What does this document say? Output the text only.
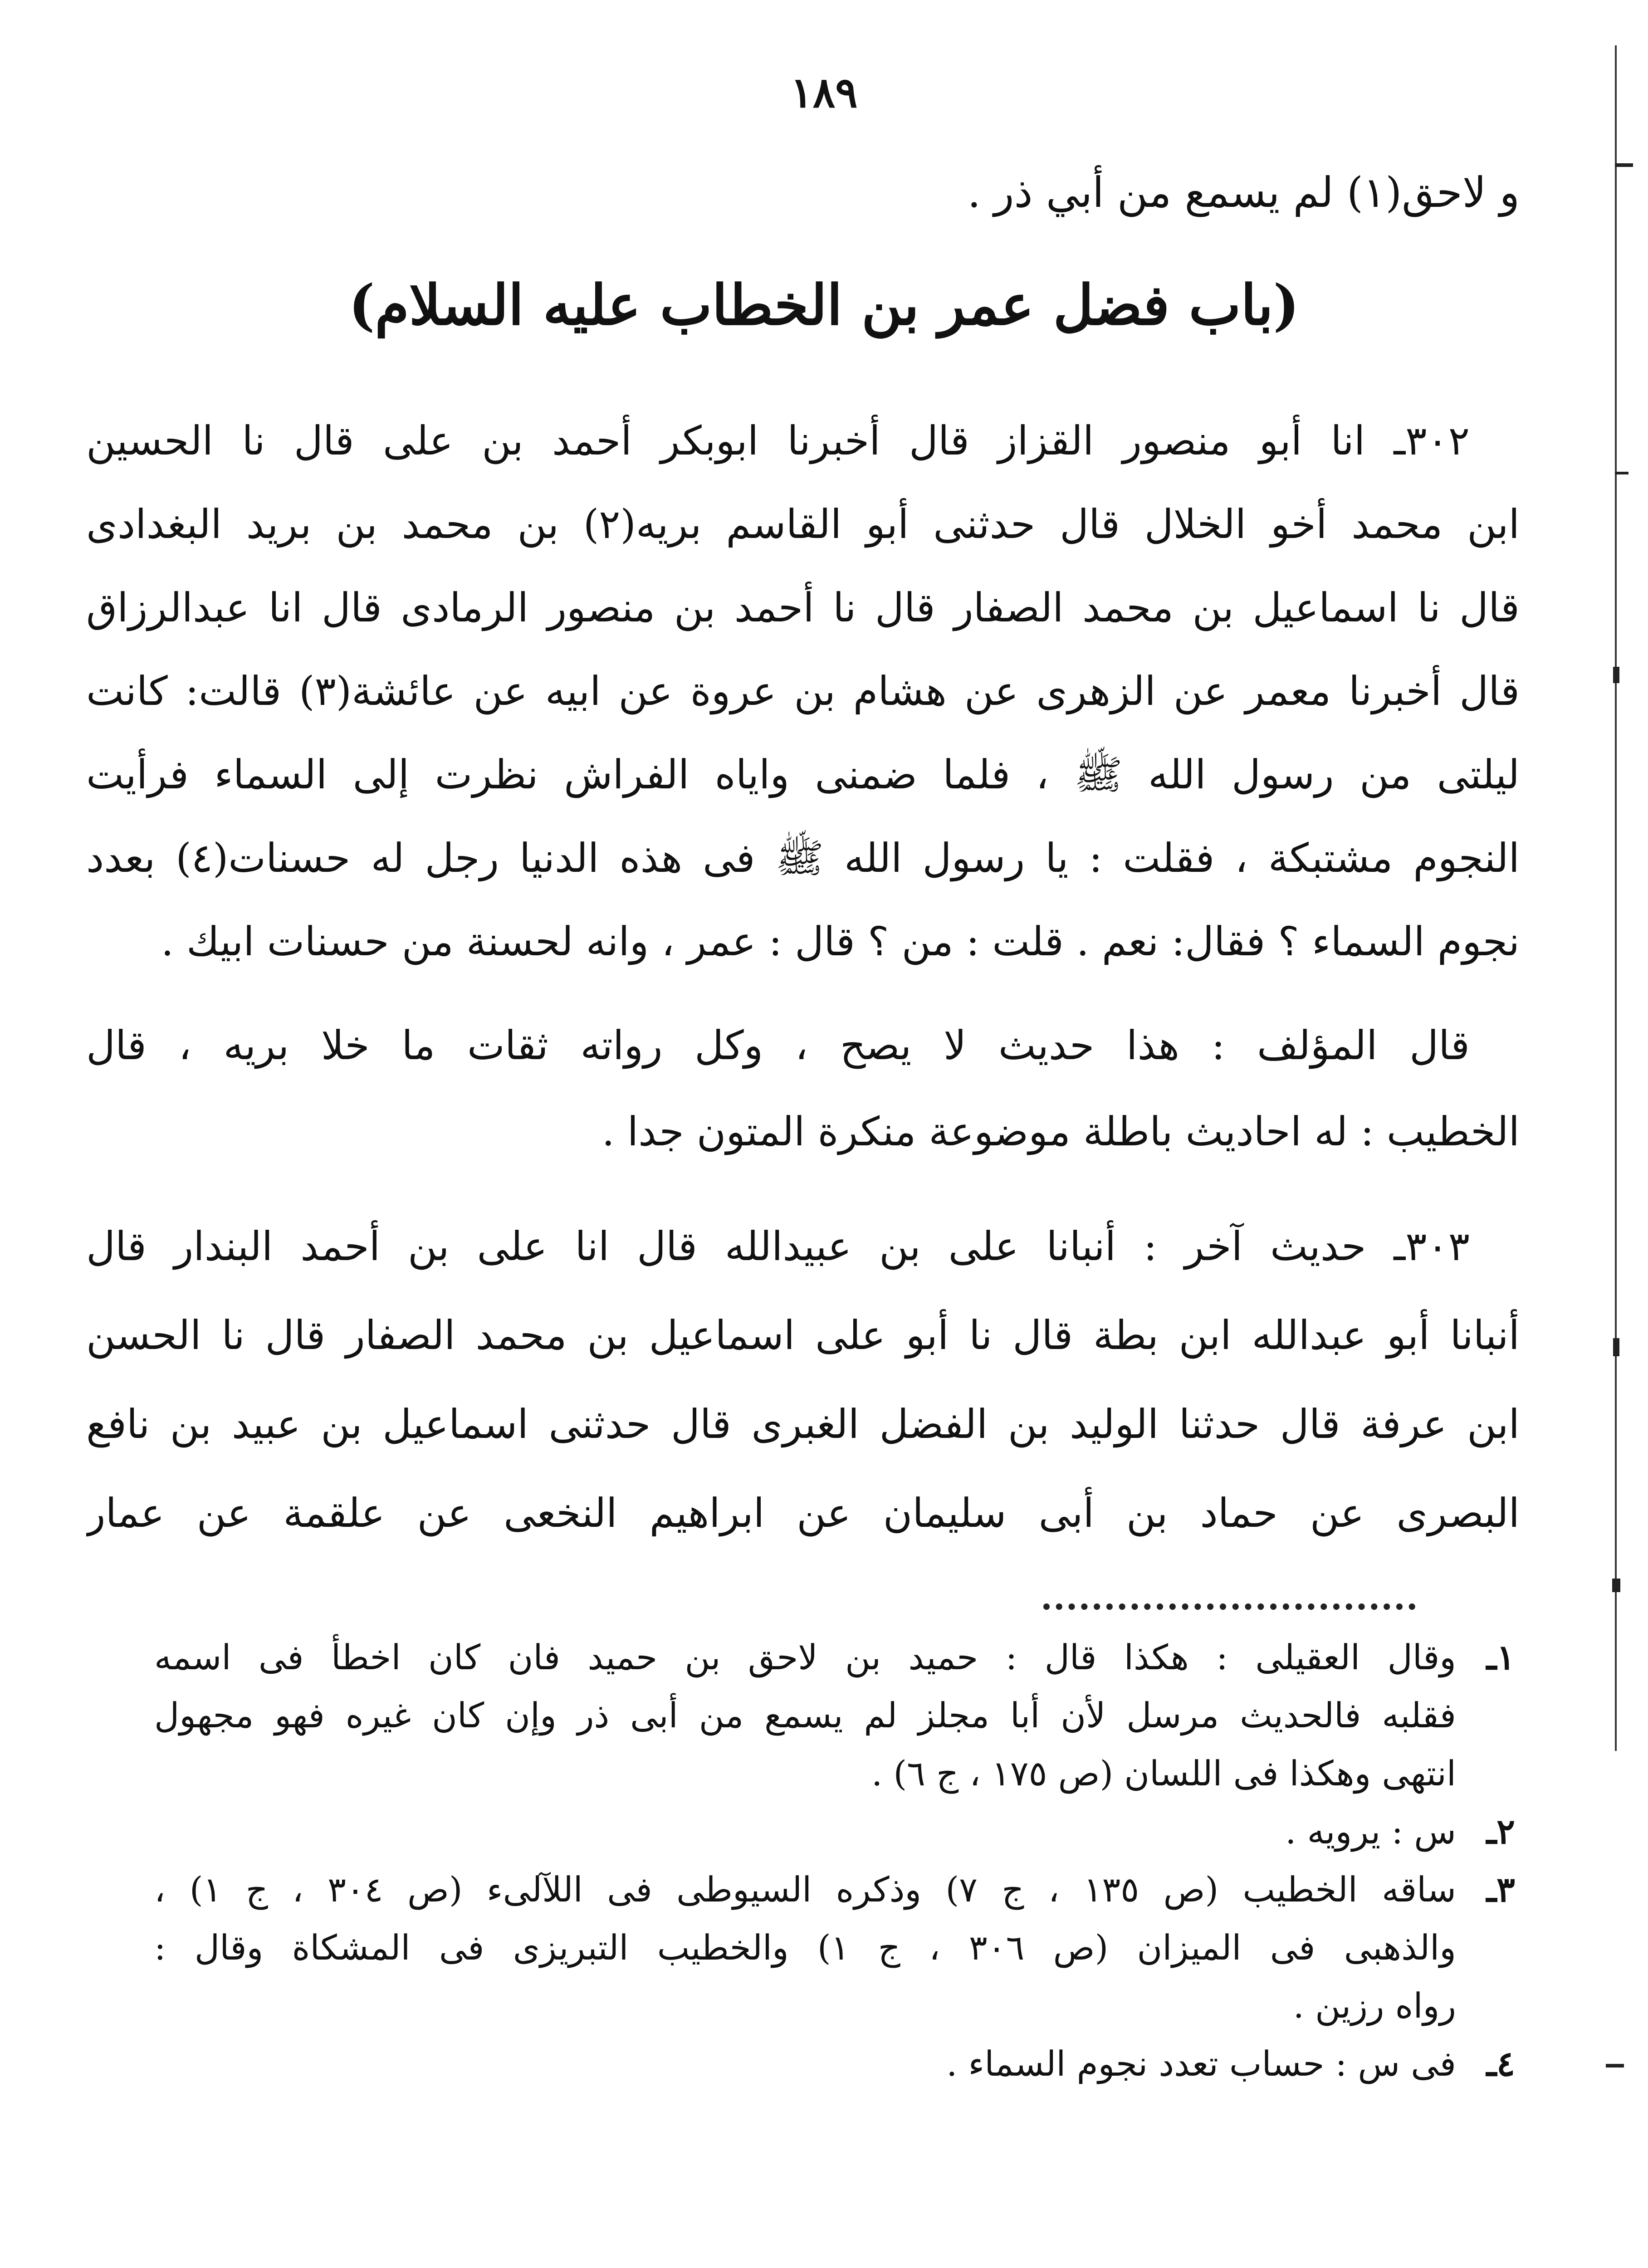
١٨٩
و لاحق(١) لم يسمع من أبي ذر .
(باب فضل عمر بن الخطاب عليه السلام)
٣٠٢ـ انا أبو منصور القزاز قال أخبرنا ابوبكر أحمد بن على قال نا الحسين
ابن محمد أخو الخلال قال حدثنى أبو القاسم بريه(٢) بن محمد بن بريد البغدادى
قال نا اسماعيل بن محمد الصفار قال نا أحمد بن منصور الرمادى قال انا عبدالرزاق
قال أخبرنا معمر عن الزهرى عن هشام بن عروة عن ابيه عن عائشة(٣) قالت: كانت
ليلتى من رسول الله ﷺ ، فلما ضمنى واياه الفراش نظرت إلى السماء فرأيت
النجوم مشتبكة ، فقلت : يا رسول الله ﷺ فى هذه الدنيا رجل له حسنات(٤) بعدد
نجوم السماء ؟ فقال: نعم . قلت : من ؟ قال : عمر ، وانه لحسنة من حسنات ابيك .
قال المؤلف : هذا حديث لا يصح ، وكل رواته ثقات ما خلا بريه ، قال
الخطيب : له احاديث باطلة موضوعة منكرة المتون جدا .
٣٠٣ـ حديث آخر : أنبانا على بن عبيدالله قال انا على بن أحمد البندار قال
أنبانا أبو عبدالله ابن بطة قال نا أبو على اسماعيل بن محمد الصفار قال نا الحسن
ابن عرفة قال حدثنا الوليد بن الفضل الغبرى قال حدثنى اسماعيل بن عبيد بن نافع
البصرى عن حماد بن أبى سليمان عن ابراهيم النخعى عن علقمة عن عمار
١ـ
وقال العقيلى : هكذا قال : حميد بن لاحق بن حميد فان كان اخطأ فى اسمه
فقلبه فالحديث مرسل لأن أبا مجلز لم يسمع من أبى ذر وإن كان غيره فهو مجهول
انتهى وهكذا فى اللسان (ص ١٧٥ ، ج ٦) .
٢ـ
س : يرويه .
٣ـ
ساقه الخطيب (ص ١٣٥ ، ج ٧) وذكره السيوطى فى اللآلىء (ص ٣٠٤ ، ج ١) ،
والذهبى فى الميزان (ص ٣٠٦ ، ج ١) والخطيب التبريزى فى المشكاة وقال :
رواه رزين .
٤ـ
فى س : حساب تعدد نجوم السماء .
